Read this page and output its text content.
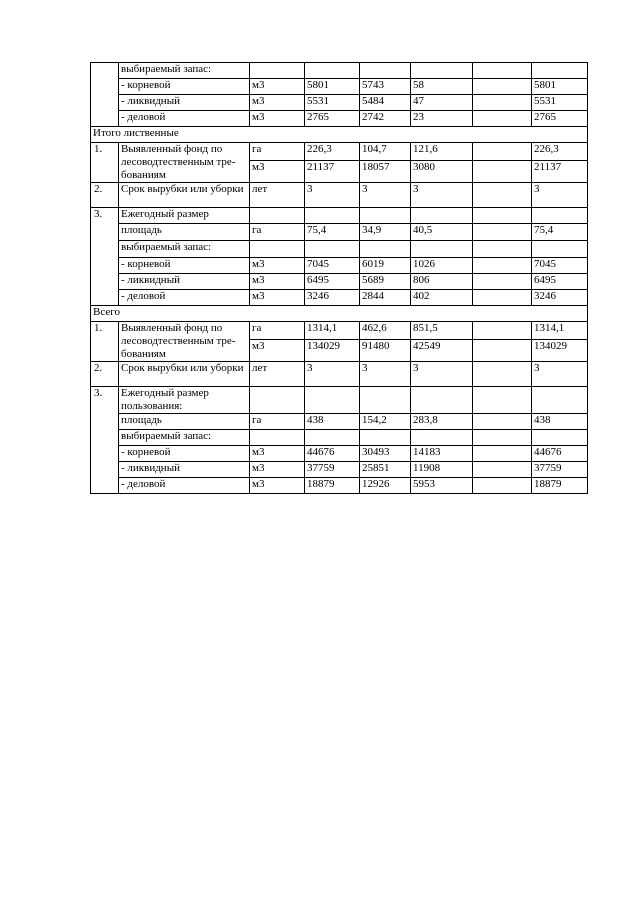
	выбираемый запас:						
	- корневой	м3	5801	5743	58		5801
	- ликвидный	м3	5531	5484	47		5531
	- деловой	м3	2765	2742	23		2765
Итого лиственные							
1.	Выявленный фонд по лесоводтественным тре-бованиям	га	226,3	104,7	121,6		226,3
		м3	21137	18057	3080		21137
2.	Срок вырубки или уборки	лет	3	3	3		3
3.	Ежегодный размер						
	площадь	га	75,4	34,9	40,5		75,4
	выбираемый запас:						
	- корневой	м3	7045	6019	1026		7045
	- ликвидный	м3	6495	5689	806		6495
	- деловой	м3	3246	2844	402		3246
Всего							
1.	Выявленный фонд по лесоводтественным тре-бованиям	га	1314,1	462,6	851,5		1314,1
		м3	134029	91480	42549		134029
2.	Срок вырубки или уборки	лет	3	3	3		3
3.	Ежегодный размер пользования:						
	площадь	га	438	154,2	283,8		438
	выбираемый запас:						
	- корневой	м3	44676	30493	14183		44676
	- ликвидный	м3	37759	25851	11908		37759
	- деловой	м3	18879	12926	5953		18879
